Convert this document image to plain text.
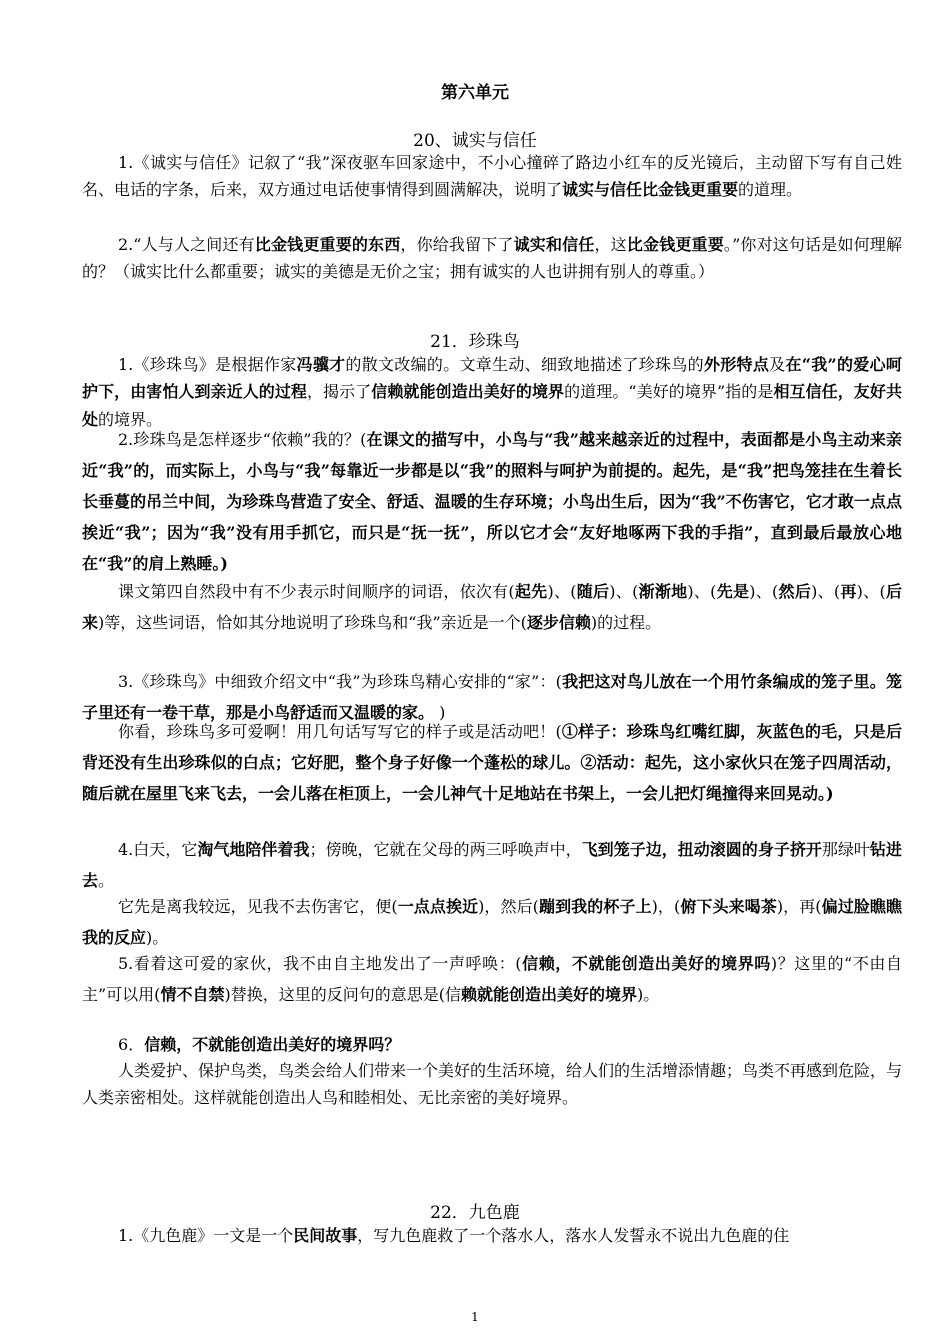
第六单元
20、诚实与信任

1.《诚实与信任》记叙了“我”深夜驱车回家途中，不小心撞碎了路边小红车的反光镜后，主动留下写有自己姓名、电话的字条，后来，双方通过电话使事情得到圆满解决，说明了诚实与信任比金钱更重要的道理。

2.“人与人之间还有比金钱更重要的东西，你给我留下了诚实和信任，这比金钱更重要。”你对这句话是如何理解的？（诚实比什么都重要；诚实的美德是无价之宝；拥有诚实的人也讲拥有别人的尊重。）

21．珍珠鸟

1.《珍珠鸟》是根据作家冯骥才的散文改编的。文章生动、细致地描述了珍珠鸟的外形特点及在“我”的爱心呵护下，由害怕人到亲近人的过程，揭示了信赖就能创造出美好的境界的道理。“美好的境界”指的是相互信任，友好共处的境界。

2.珍珠鸟是怎样逐步“依赖”我的？(在课文的描写中，小鸟与“我”越来越亲近的过程中，表面都是小鸟主动来亲近“我”的，而实际上，小鸟与“我”每靠近一步都是以“我”的照料与呵护为前提的。起先，是“我”把鸟笼挂在生着长长垂蔓的吊兰中间，为珍珠鸟营造了安全、舒适、温暖的生存环境；小鸟出生后，因为“我”不伤害它，它才敢一点点挨近“我”；因为“我”没有用手抓它，而只是“抚一抚”，所以它才会“友好地啄两下我的手指”，直到最后最放心地在“我”的肩上熟睡。)

课文第四自然段中有不少表示时间顺序的词语，依次有(起先)、(随后)、(渐渐地)、(先是)、(然后)、(再)、(后来)等，这些词语，恰如其分地说明了珍珠鸟和“我”亲近是一个(逐步信赖)的过程。

3.《珍珠鸟》中细致介绍文中“我”为珍珠鸟精心安排的“家”：(我把这对鸟儿放在一个用竹条编成的笼子里。笼子里还有一卷干草，那是小鸟舒适而又温暖的家。 )

你看，珍珠鸟多可爱啊！用几句话写写它的样子或是活动吧！(①样子：珍珠鸟红嘴红脚，灰蓝色的毛，只是后背还没有生出珍珠似的白点；它好肥，整个身子好像一个蓬松的球儿。②活动：起先，这小家伙只在笼子四周活动，随后就在屋里飞来飞去，一会儿落在柜顶上，一会儿神气十足地站在书架上，一会儿把灯绳撞得来回晃动。)

4.白天，它淘气地陪伴着我；傍晚，它就在父母的两三呼唤声中，飞到笼子边，扭动滚圆的身子挤开那绿叶钻进去。

它先是离我较远，见我不去伤害它，便(一点点挨近)，然后(蹦到我的杯子上)，(俯下头来喝茶)，再(偏过脸瞧瞧我的反应)。

5.看着这可爱的家伙，我不由自主地发出了一声呼唤：(信赖，不就能创造出美好的境界吗)？这里的“不由自主”可以用(情不自禁)替换，这里的反问句的意思是(信赖就能创造出美好的境界)。

6．信赖，不就能创造出美好的境界吗？

人类爱护、保护鸟类，鸟类会给人们带来一个美好的生活环境，给人们的生活增添情趣；鸟类不再感到危险，与人类亲密相处。这样就能创造出人鸟和睦相处、无比亲密的美好境界。

22．九色鹿

1.《九色鹿》一文是一个民间故事，写九色鹿救了一个落水人，落水人发誓永不说出九色鹿的住

1
